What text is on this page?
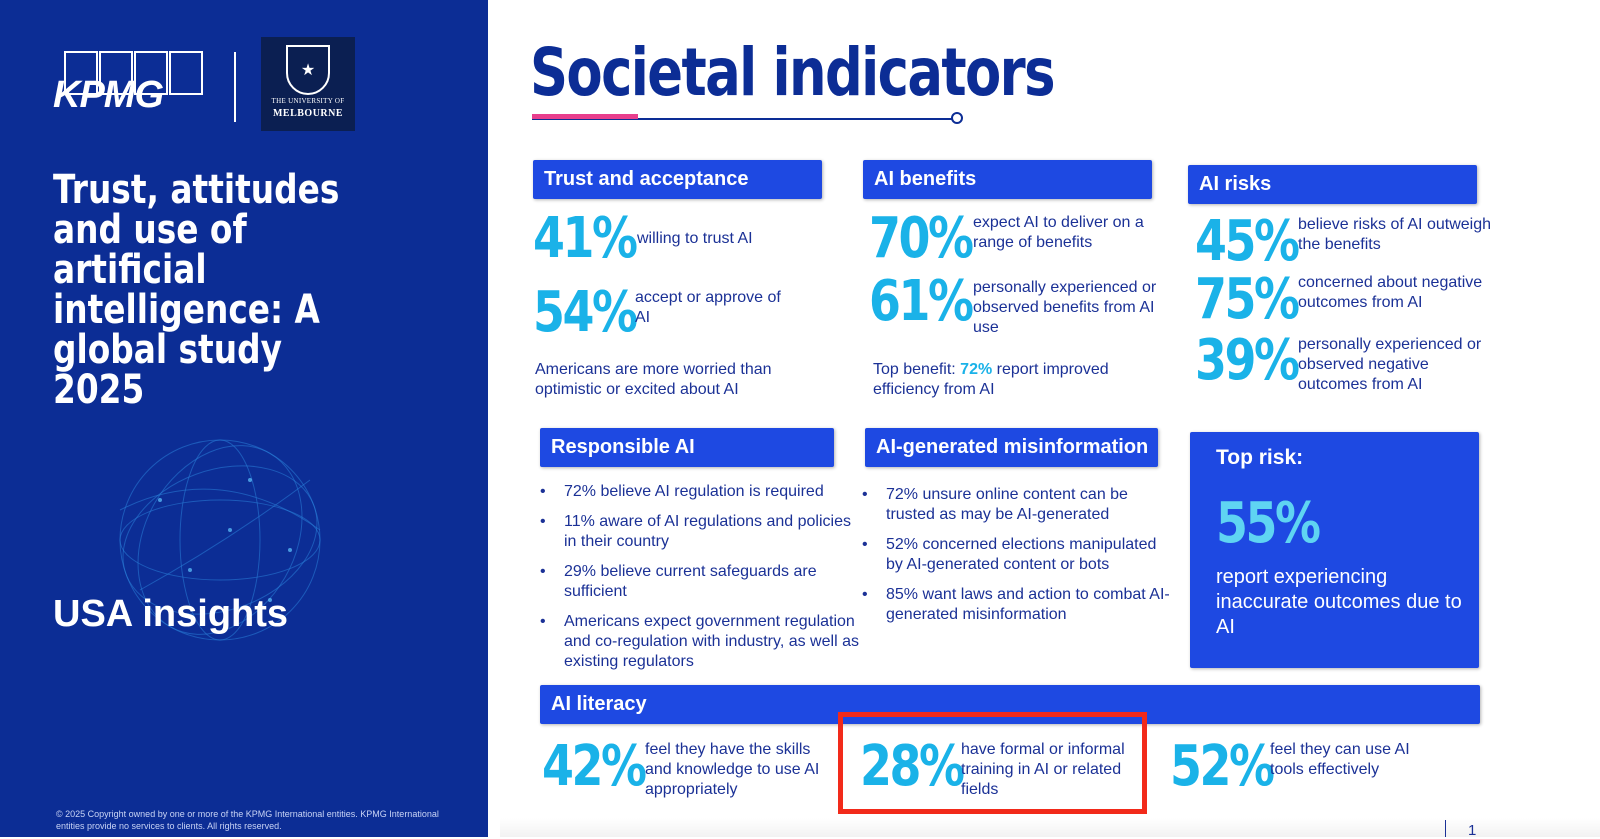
KPMG
★
THE UNIVERSITY OF
MELBOURNE
Trust, attitudes and use of artificial intelligence: A global study 2025
USA insights
© 2025 Copyright owned by one or more of the KPMG International entities. KPMG International entities provide no services to clients. All rights reserved.
Societal indicators
Trust and acceptance
41% willing to trust AI
54% accept or approve of AI
Americans are more worried than optimistic or excited about AI
AI benefits
70% expect AI to deliver on a range of benefits
61% personally experienced or observed benefits from AI use
Top benefit: 72% report improved efficiency from AI
AI risks
45% believe risks of AI outweigh the benefits
75% concerned about negative outcomes from AI
39% personally experienced or observed negative outcomes from AI
Responsible AI
• 72% believe AI regulation is required
• 11% aware of AI regulations and policies in their country
• 29% believe current safeguards are sufficient
• Americans expect government regulation and co-regulation with industry, as well as existing regulators
AI-generated misinformation
• 72% unsure online content can be trusted as may be AI-generated
• 52% concerned elections manipulated by AI-generated content or bots
• 85% want laws and action to combat AI-generated misinformation
Top risk:
55%
report experiencing inaccurate outcomes due to AI
AI literacy
42% feel they have the skills and knowledge to use AI appropriately	28%
have formal or informal training in AI or related fields	52%
feel they can use AI tools effectively
1
